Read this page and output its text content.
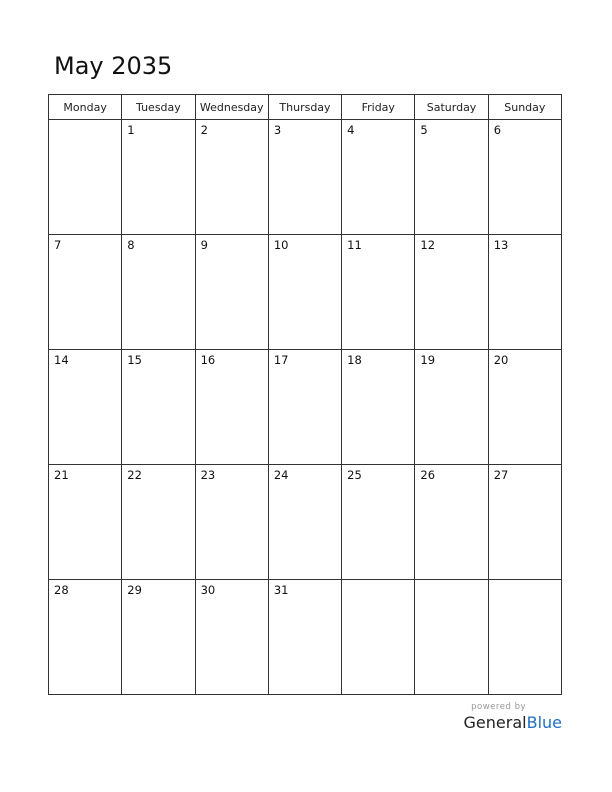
May 2035
Monday	Tuesday	Wednesday	Thursday	Friday	Saturday	Sunday

	1	2	3	4	5	6

7	8	9	10	11	12	13

14	15	16	17	18	19	20

21	22	23	24	25	26	27

28	29	30	31			

powered by
GeneralBlue
